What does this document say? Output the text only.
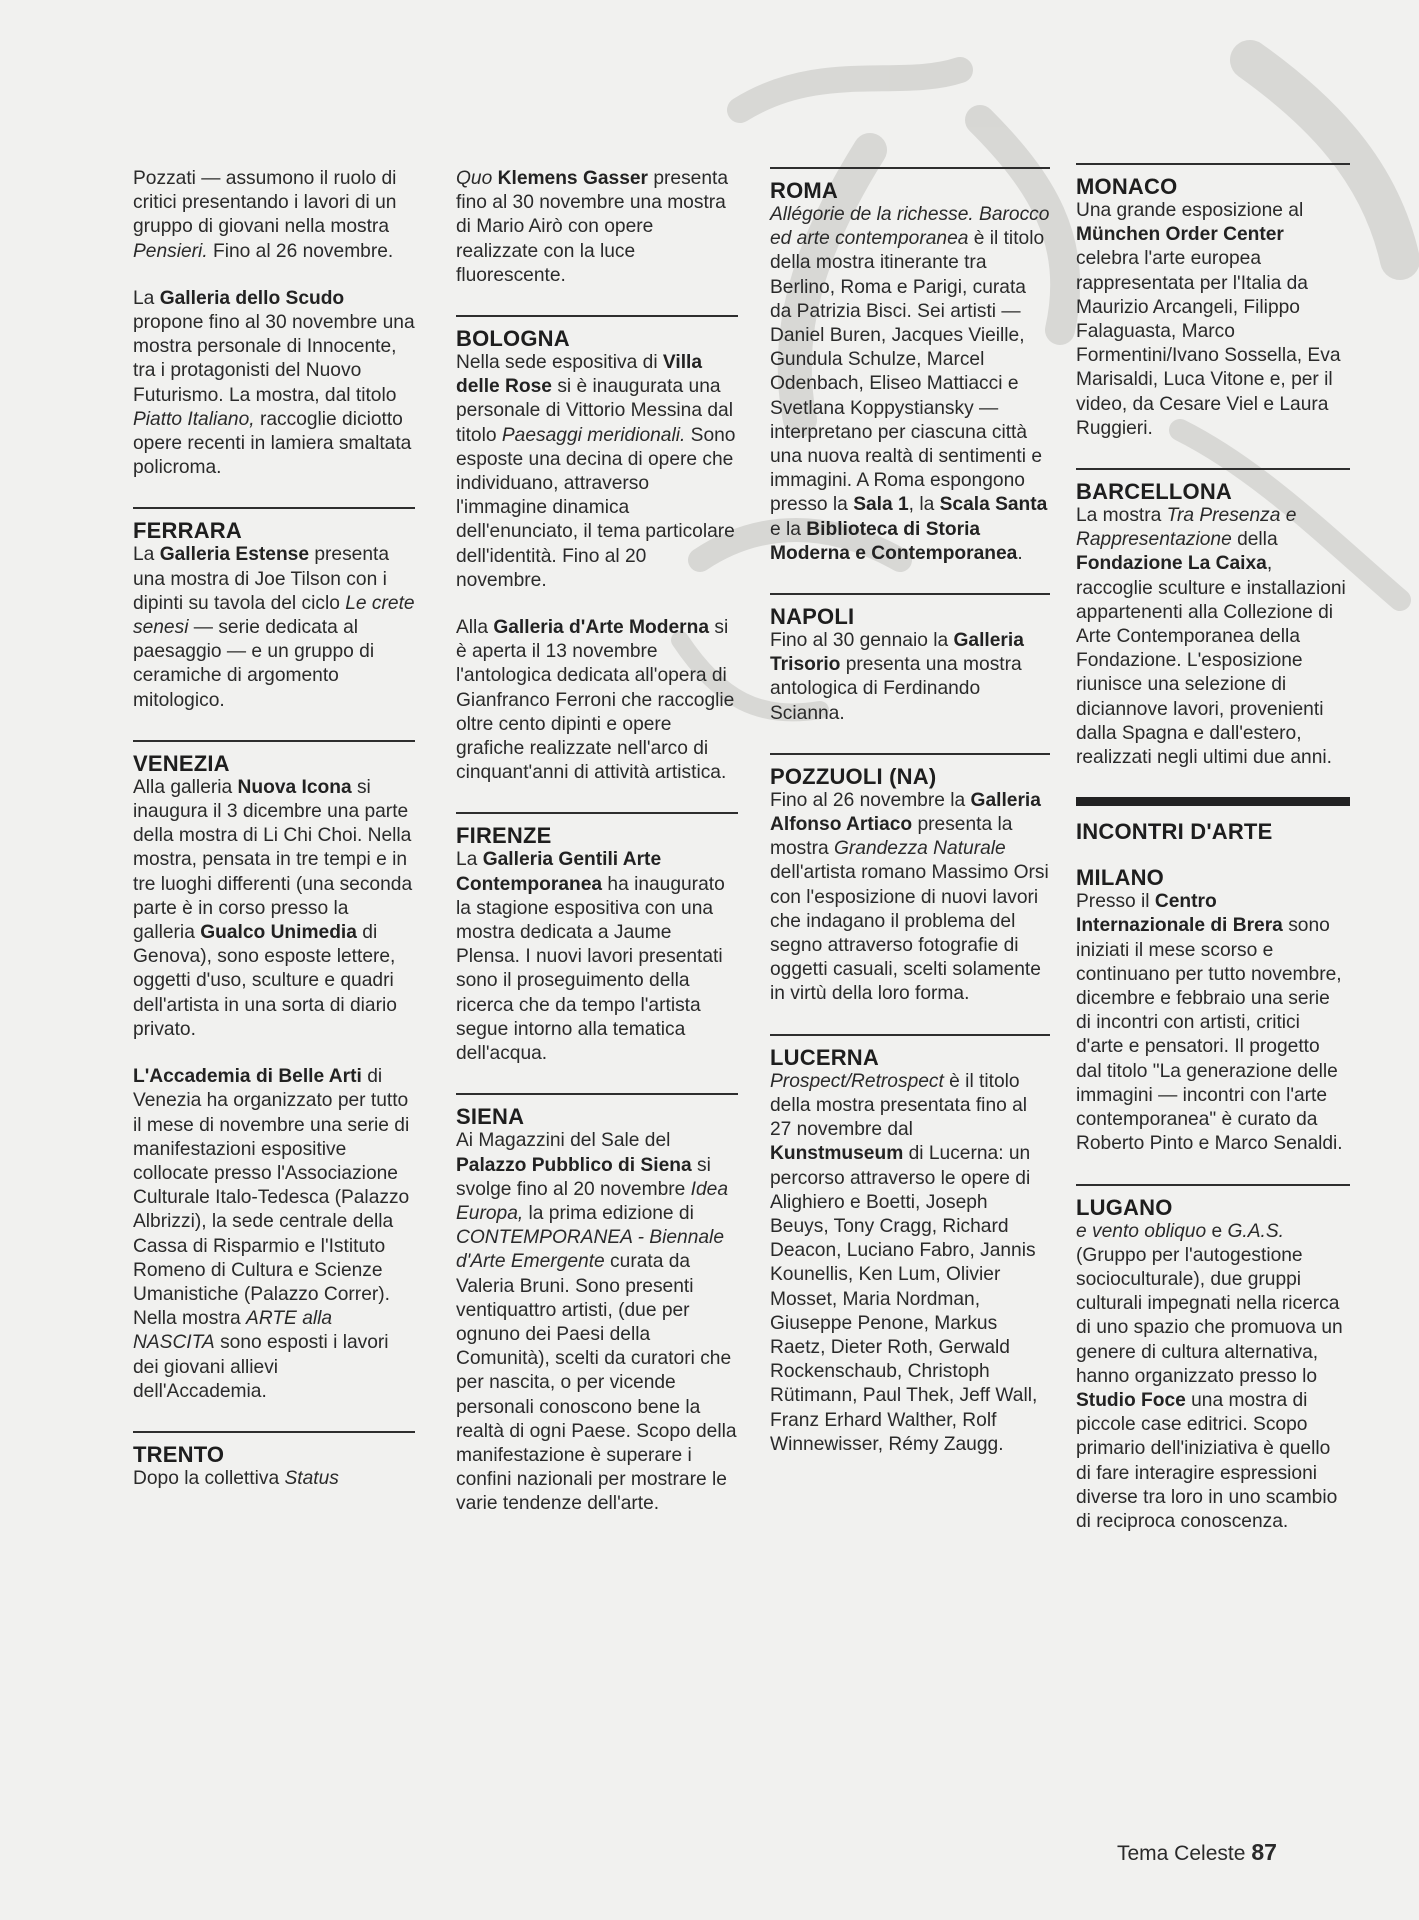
Pozzati — assumono il ruolo di critici presentando i lavori di un gruppo di giovani nella mostra Pensieri. Fino al 26 novembre.

La Galleria dello Scudo propone fino al 30 novembre una mostra personale di Innocente, tra i protagonisti del Nuovo Futurismo. La mostra, dal titolo Piatto Italiano, raccoglie diciotto opere recenti in lamiera smaltata policroma.

FERRARA

La Galleria Estense presenta una mostra di Joe Tilson con i dipinti su tavola del ciclo Le crete senesi — serie dedicata al paesaggio — e un gruppo di ceramiche di argomento mitologico.

VENEZIA

Alla galleria Nuova Icona si inaugura il 3 dicembre una parte della mostra di Li Chi Choi. Nella mostra, pensata in tre tempi e in tre luoghi differenti (una seconda parte è in corso presso la galleria Gualco Unimedia di Genova), sono esposte lettere, oggetti d'uso, sculture e quadri dell'artista in una sorta di diario privato.

L'Accademia di Belle Arti di Venezia ha organizzato per tutto il mese di novembre una serie di manifestazioni espositive collocate presso l'Associazione Culturale Italo-Tedesca (Palazzo Albrizzi), la sede centrale della Cassa di Risparmio e l'Istituto Romeno di Cultura e Scienze Umanistiche (Palazzo Correr). Nella mostra ARTE alla NASCITA sono esposti i lavori dei giovani allievi dell'Accademia.

TRENTO

Dopo la collettiva Status

Quo Klemens Gasser presenta fino al 30 novembre una mostra di Mario Airò con opere realizzate con la luce fluorescente.

BOLOGNA

Nella sede espositiva di Villa delle Rose si è inaugurata una personale di Vittorio Messina dal titolo Paesaggi meridionali. Sono esposte una decina di opere che individuano, attraverso l'immagine dinamica dell'enunciato, il tema particolare dell'identità. Fino al 20 novembre.

Alla Galleria d'Arte Moderna si è aperta il 13 novembre l'antologica dedicata all'opera di Gianfranco Ferroni che raccoglie oltre cento dipinti e opere grafiche realizzate nell'arco di cinquant'anni di attività artistica.

FIRENZE

La Galleria Gentili Arte Contemporanea ha inaugurato la stagione espositiva con una mostra dedicata a Jaume Plensa. I nuovi lavori presentati sono il proseguimento della ricerca che da tempo l'artista segue intorno alla tematica dell'acqua.

SIENA

Ai Magazzini del Sale del Palazzo Pubblico di Siena si svolge fino al 20 novembre Idea Europa, la prima edizione di CONTEMPORANEA - Biennale d'Arte Emergente curata da Valeria Bruni. Sono presenti ventiquattro artisti, (due per ognuno dei Paesi della Comunità), scelti da curatori che per nascita, o per vicende personali conoscono bene la realtà di ogni Paese. Scopo della manifestazione è superare i confini nazionali per mostrare le varie tendenze dell'arte.

ROMA

Allégorie de la richesse. Barocco ed arte contemporanea è il titolo della mostra itinerante tra Berlino, Roma e Parigi, curata da Patrizia Bisci. Sei artisti — Daniel Buren, Jacques Vieille, Gundula Schulze, Marcel Odenbach, Eliseo Mattiacci e Svetlana Koppystiansky — interpretano per ciascuna città una nuova realtà di sentimenti e immagini. A Roma espongono presso la Sala 1, la Scala Santa e la Biblioteca di Storia Moderna e Contemporanea.

NAPOLI

Fino al 30 gennaio la Galleria Trisorio presenta una mostra antologica di Ferdinando Scianna.

POZZUOLI (NA)

Fino al 26 novembre la Galleria Alfonso Artiaco presenta la mostra Grandezza Naturale dell'artista romano Massimo Orsi con l'esposizione di nuovi lavori che indagano il problema del segno attraverso fotografie di oggetti casuali, scelti solamente in virtù della loro forma.

LUCERNA

Prospect/Retrospect è il titolo della mostra presentata fino al 27 novembre dal Kunstmuseum di Lucerna: un percorso attraverso le opere di Alighiero e Boetti, Joseph Beuys, Tony Cragg, Richard Deacon, Luciano Fabro, Jannis Kounellis, Ken Lum, Olivier Mosset, Maria Nordman, Giuseppe Penone, Markus Raetz, Dieter Roth, Gerwald Rockenschaub, Christoph Rütimann, Paul Thek, Jeff Wall, Franz Erhard Walther, Rolf Winnewisser, Rémy Zaugg.

MONACO

Una grande esposizione al München Order Center celebra l'arte europea rappresentata per l'Italia da Maurizio Arcangeli, Filippo Falaguasta, Marco Formentini/Ivano Sossella, Eva Marisaldi, Luca Vitone e, per il video, da Cesare Viel e Laura Ruggieri.

BARCELLONA

La mostra Tra Presenza e Rappresentazione della Fondazione La Caixa, raccoglie sculture e installazioni appartenenti alla Collezione di Arte Contemporanea della Fondazione. L'esposizione riunisce una selezione di diciannove lavori, provenienti dalla Spagna e dall'estero, realizzati negli ultimi due anni.

INCONTRI D'ARTE
MILANO

Presso il Centro Internazionale di Brera sono iniziati il mese scorso e continuano per tutto novembre, dicembre e febbraio una serie di incontri con artisti, critici d'arte e pensatori. Il progetto dal titolo "La generazione delle immagini — incontri con l'arte contemporanea" è curato da Roberto Pinto e Marco Senaldi.

LUGANO

e vento obliquo e G.A.S. (Gruppo per l'autogestione socioculturale), due gruppi culturali impegnati nella ricerca di uno spazio che promuova un genere di cultura alternativa, hanno organizzato presso lo Studio Foce una mostra di piccole case editrici. Scopo primario dell'iniziativa è quello di fare interagire espressioni diverse tra loro in uno scambio di reciproca conoscenza.

Tema Celeste 87
